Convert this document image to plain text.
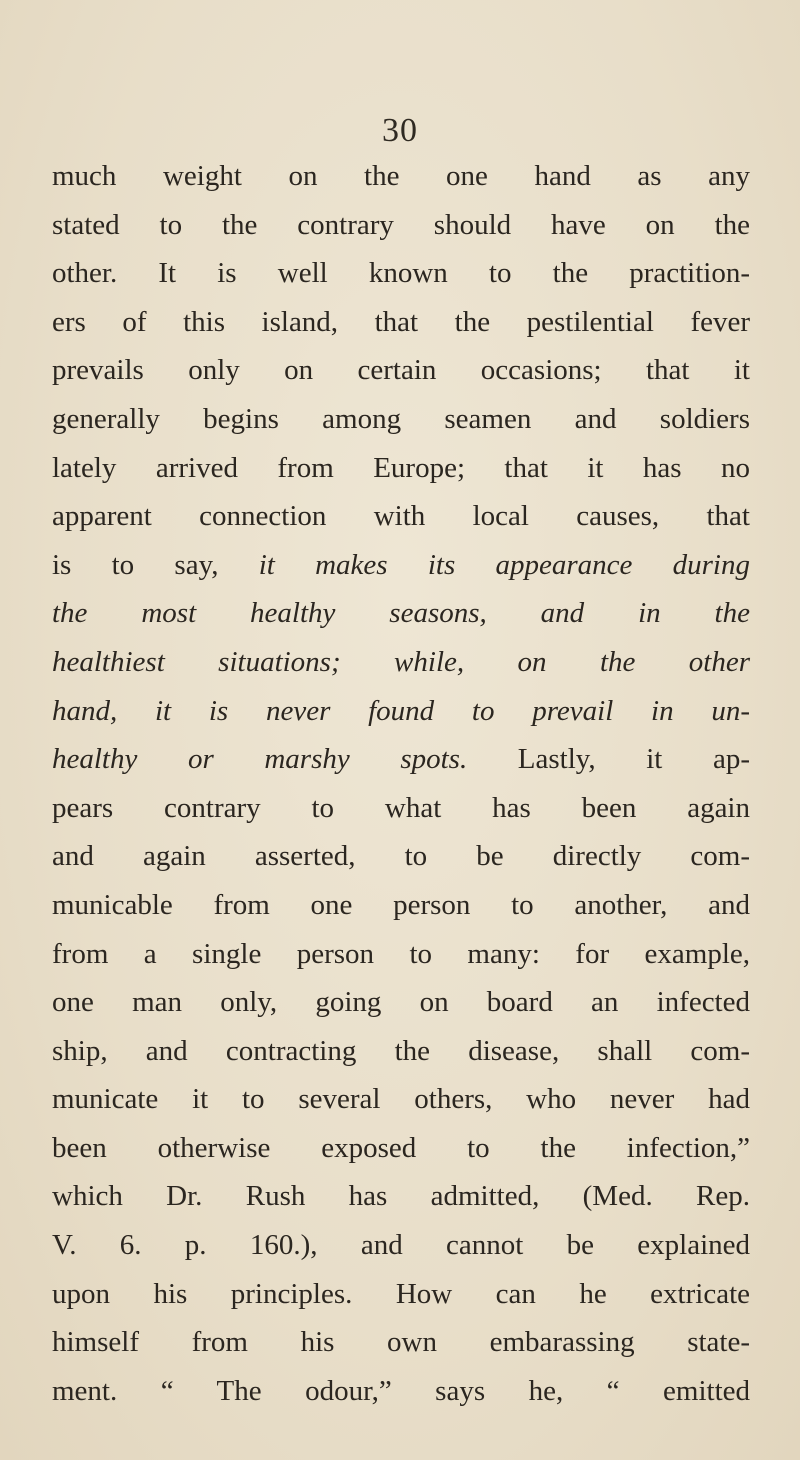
30
much weight on the one hand as any
stated to the contrary should have on the
other. It is well known to the practition-
ers of this island, that the pestilential fever
prevails only on certain occasions; that it
generally begins among seamen and soldiers
lately arrived from Europe; that it has no
apparent connection with local causes, that
is to say, it makes its appearance during
the most healthy seasons, and in the
healthiest situations; while, on the other
hand, it is never found to prevail in un-
healthy or marshy spots. Lastly, it ap-
pears contrary to what has been again
and again asserted, to be directly com-
municable from one person to another, and
from a single person to many: for example,
one man only, going on board an infected
ship, and contracting the disease, shall com-
municate it to several others, who never had
been otherwise exposed to the infection,”
which Dr. Rush has admitted, (Med. Rep.
V. 6. p. 160.), and cannot be explained
upon his principles. How can he extricate
himself from his own embarassing state-
ment. “ The odour,” says he, “ emitted
